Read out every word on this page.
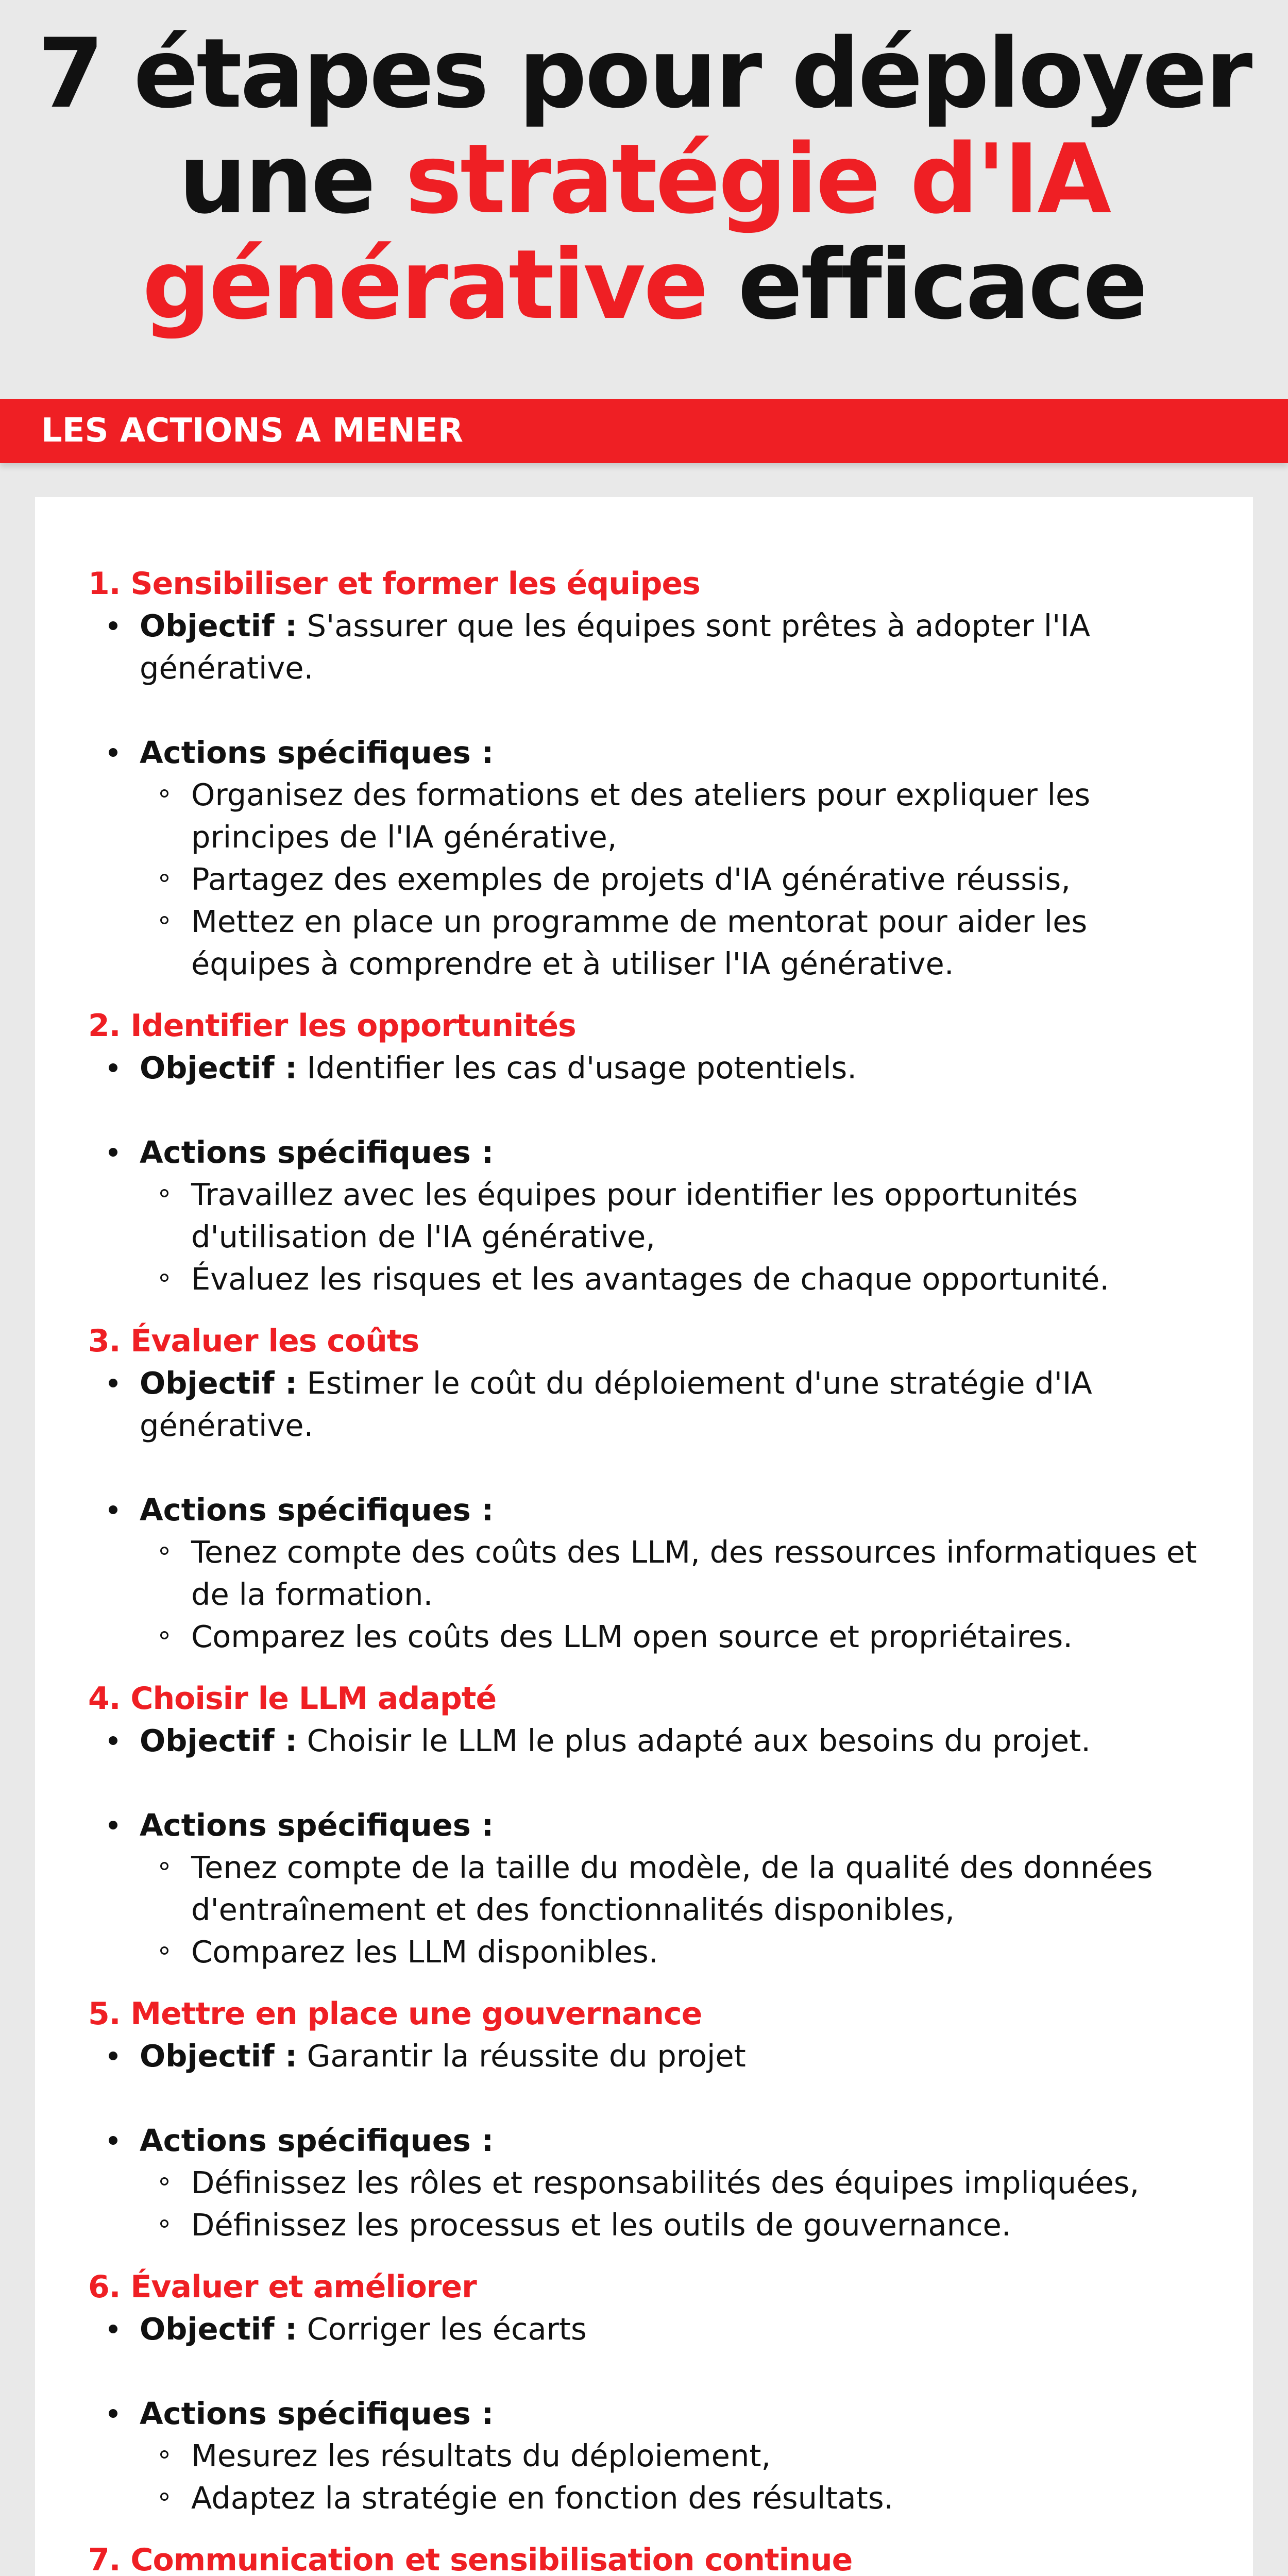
7 étapes pour déployer
une stratégie d'IA
générative efficace
LES ACTIONS A MENER
1. Sensibiliser et former les équipes
Objectif : S'assurer que les équipes sont prêtes à adopter l'IA générative.
Actions spécifiques :
Organisez des formations et des ateliers pour expliquer les principes de l'IA générative,
Partagez des exemples de projets d'IA générative réussis,
Mettez en place un programme de mentorat pour aider les équipes à comprendre et à utiliser l'IA générative.
2. Identifier les opportunités
Objectif : Identifier les cas d'usage potentiels.
Actions spécifiques :
Travaillez avec les équipes pour identifier les opportunités d'utilisation de l'IA générative,
Évaluez les risques et les avantages de chaque opportunité.
3. Évaluer les coûts
Objectif : Estimer le coût du déploiement d'une stratégie d'IA générative.
Actions spécifiques :
Tenez compte des coûts des LLM, des ressources informatiques et de la formation.
Comparez les coûts des LLM open source et propriétaires.
4. Choisir le LLM adapté
Objectif : Choisir le LLM le plus adapté aux besoins du projet.
Actions spécifiques :
Tenez compte de la taille du modèle, de la qualité des données d'entraînement et des fonctionnalités disponibles,
Comparez les LLM disponibles.
5. Mettre en place une gouvernance
Objectif : Garantir la réussite du projet
Actions spécifiques :
Définissez les rôles et responsabilités des équipes impliquées,
Définissez les processus et les outils de gouvernance.
6. Évaluer et améliorer
Objectif : Corriger les écarts
Actions spécifiques :
Mesurez les résultats du déploiement,
Adaptez la stratégie en fonction des résultats.
7. Communication et sensibilisation continue
